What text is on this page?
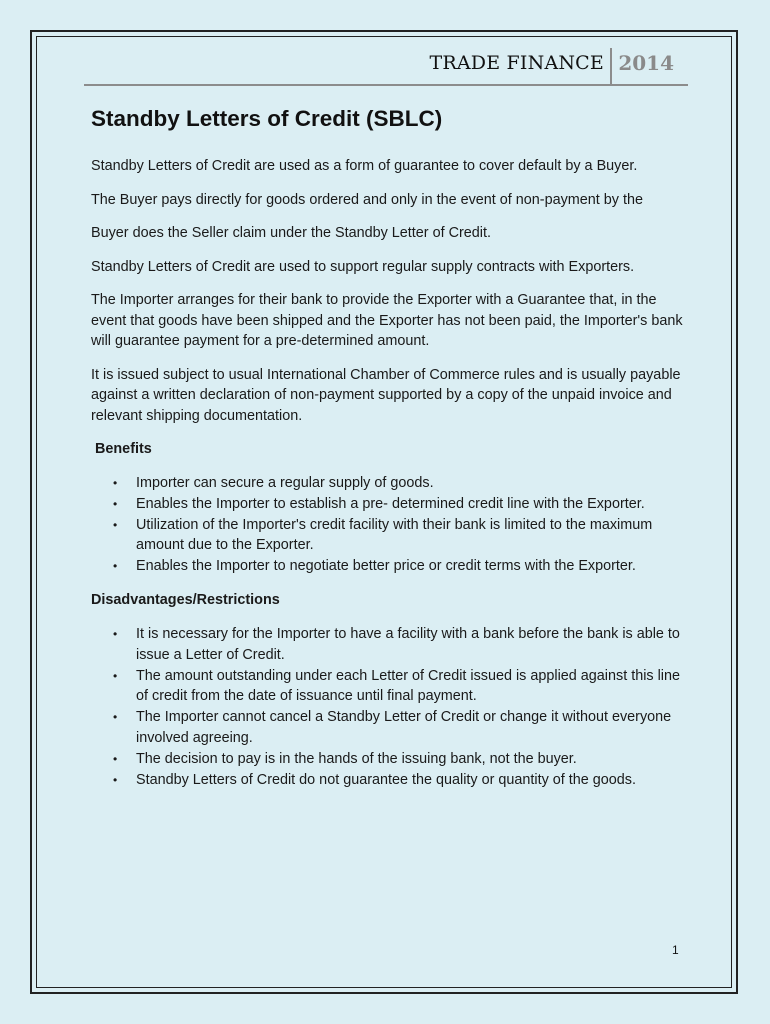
TRADE FINANCE 2014
Standby Letters of Credit (SBLC)

Standby Letters of Credit are used as a form of guarantee to cover default by a Buyer.

The Buyer pays directly for goods ordered and only in the event of non-payment by the

Buyer does the Seller claim under the Standby Letter of Credit.

Standby Letters of Credit are used to support regular supply contracts with Exporters.

The Importer arranges for their bank to provide the Exporter with a Guarantee that, in the event that goods have been shipped and the Exporter has not been paid, the Importer's bank will guarantee payment for a pre-determined amount.

It is issued subject to usual International Chamber of Commerce rules and is usually payable against a written declaration of non-payment supported by a copy of the unpaid invoice and relevant shipping documentation.

Benefits
• Importer can secure a regular supply of goods.
• Enables the Importer to establish a pre- determined credit line with the Exporter.
• Utilization of the Importer's credit facility with their bank is limited to the maximum amount due to the Exporter.
• Enables the Importer to negotiate better price or credit terms with the Exporter.
Disadvantages/Restrictions
• It is necessary for the Importer to have a facility with a bank before the bank is able to issue a Letter of Credit.
• The amount outstanding under each Letter of Credit issued is applied against this line of credit from the date of issuance until final payment.
• The Importer cannot cancel a Standby Letter of Credit or change it without everyone involved agreeing.
• The decision to pay is in the hands of the issuing bank, not the buyer.
• Standby Letters of Credit do not guarantee the quality or quantity of the goods.
1
